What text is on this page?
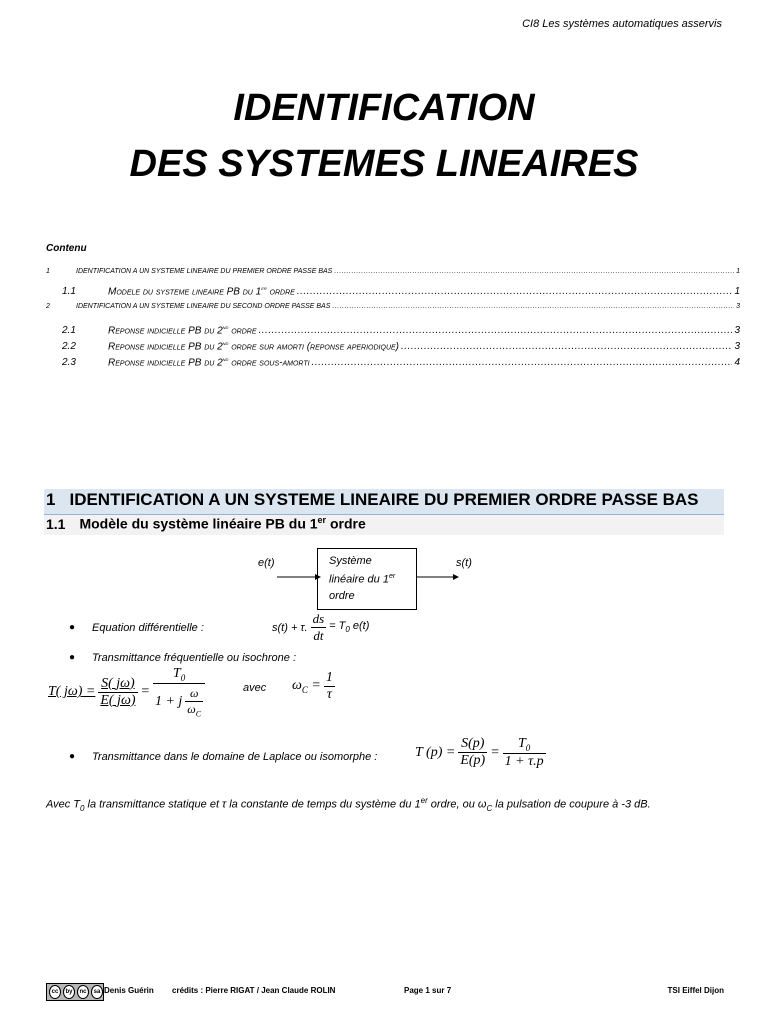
CI8 Les systèmes automatiques asservis
IDENTIFICATION
DES SYSTEMES LINEAIRES
Contenu
1	IDENTIFICATION A UN SYSTEME LINEAIRE DU PREMIER ORDRE PASSE BAS .....	1
1.1	Modele du systeme lineaire PB du 1er ordre .....	1
2	IDENTIFICATION A UN SYSTEME LINEAIRE DU SECOND ORDRE PASSE BAS .....	3
2.1	Reponse indicielle PB du 2nd ordre .....	3
2.2	Reponse indicielle PB du 2nd ordre sur amorti (reponse aperiodique) .....	3
2.3	Reponse indicielle PB du 2nd ordre sous-amorti .....	4
1 IDENTIFICATION A UN SYSTEME LINEAIRE DU PREMIER ORDRE PASSE BAS
1.1 Modèle du système linéaire PB du 1er ordre
e(t)	Système
linéaire du 1er
ordre
s(t)
● Equation différentielle :	s(t) + τ. $\frac{ds}{dt} = T_0$ e(t)
● Transmittance fréquentielle ou isochrone :
T( $j\omega) = \frac{S( j\omega)}{E( j\omega)} = \frac{T_0}{1 + j \frac{\omega}{\omega_C}}$	avec $\omega_C = \frac{1}{\tau}$
● Transmittance dans le domaine de Laplace ou isomorphe :	T $(p) = \frac{S(p)}{E(p)} = \frac{T_0}{1 + \tau.p}$
Avec $T_0$ la transmittance statique et τ la constante de temps du système du 1er ordre, ou $\omega_C$ la pulsation de coupure à -3 dB.
cc	by	nc	sa Denis Guérin crédits : Pierre RIGAT / Jean Claude ROLIN	Page 1 sur 7	TSI Eiffel Dijon
